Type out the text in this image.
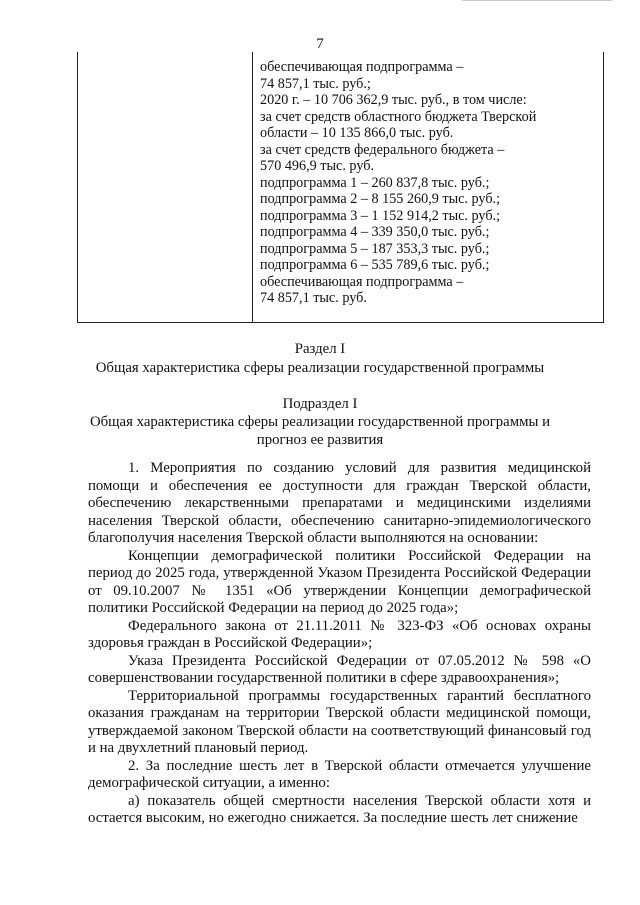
7
обеспечивающая подпрограмма –
74 857,1 тыс. руб.;
2020 г. – 10 706 362,9 тыс. руб., в том числе:
за счет средств областного бюджета Тверской
области – 10 135 866,0 тыс. руб.
за счет средств федерального бюджета –
570 496,9 тыс. руб.
подпрограмма 1 – 260 837,8 тыс. руб.;
подпрограмма 2 – 8 155 260,9 тыс. руб.;
подпрограмма 3 – 1 152 914,2 тыс. руб.;
подпрограмма 4 – 339 350,0 тыс. руб.;
подпрограмма 5 – 187 353,3 тыс. руб.;
подпрограмма 6 – 535 789,6 тыс. руб.;
обеспечивающая подпрограмма –
74 857,1 тыс. руб.
Раздел I
Общая характеристика сферы реализации государственной программы
Подраздел I
Общая характеристика сферы реализации государственной программы и
прогноз ее развития

1. Мероприятия по созданию условий для развития медицинской помощи и обеспечения ее доступности для граждан Тверской области, обеспечению лекарственными препаратами и медицинскими изделиями населения Тверской области, обеспечению санитарно-эпидемиологического благополучия населения Тверской области выполняются на основании:

Концепции демографической политики Российской Федерации на период до 2025 года, утвержденной Указом Президента Российской Федерации от 09.10.2007 № 1351 «Об утверждении Концепции демографической политики Российской Федерации на период до 2025 года»;

Федерального закона от 21.11.2011 № 323-ФЗ «Об основах охраны здоровья граждан в Российской Федерации»;

Указа Президента Российской Федерации от 07.05.2012 № 598 «О совершенствовании государственной политики в сфере здравоохранения»;

Территориальной программы государственных гарантий бесплатного оказания гражданам на территории Тверской области медицинской помощи, утверждаемой законом Тверской области на соответствующий финансовый год и на двухлетний плановый период.

2. За последние шесть лет в Тверской области отмечается улучшение демографической ситуации, а именно:

а) показатель общей смертности населения Тверской области хотя и остается высоким, но ежегодно снижается. За последние шесть лет снижение
